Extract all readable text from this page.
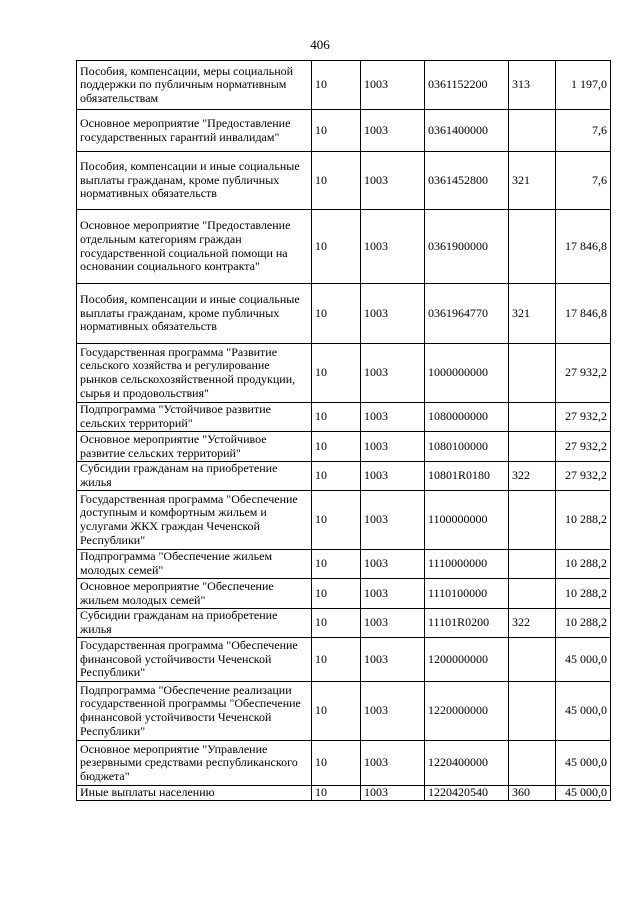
406
Пособия, компенсации, меры социальной поддержки по публичным нормативным обязательствам	10	1003	0361152200	313	1 197,0
Основное мероприятие "Предоставление государственных гарантий инвалидам"	10	1003	0361400000		7,6
Пособия, компенсации и иные социальные выплаты гражданам, кроме публичных нормативных обязательств	10	1003	0361452800	321	7,6
Основное мероприятие "Предоставление отдельным категориям граждан государственной социальной помощи на основании социального контракта"	10	1003	0361900000		17 846,8
Пособия, компенсации и иные социальные выплаты гражданам, кроме публичных нормативных обязательств	10	1003	0361964770	321	17 846,8
Государственная программа "Развитие сельского хозяйства и регулирование рынков сельскохозяйственной продукции, сырья и продовольствия"	10	1003	1000000000		27 932,2
Подпрограмма "Устойчивое развитие сельских территорий"	10	1003	1080000000		27 932,2
Основное мероприятие "Устойчивое развитие сельских территорий"	10	1003	1080100000		27 932,2
Субсидии гражданам на приобретение жилья	10	1003	10801R0180	322	27 932,2
Государственная программа "Обеспечение доступным и комфортным жильем и услугами ЖКХ граждан Чеченской Республики"	10	1003	1100000000		10 288,2
Подпрограмма "Обеспечение жильем молодых семей"	10	1003	1110000000		10 288,2
Основное мероприятие "Обеспечение жильем молодых семей"	10	1003	1110100000		10 288,2
Субсидии гражданам на приобретение жилья	10	1003	11101R0200	322	10 288,2
Государственная программа "Обеспечение финансовой устойчивости Чеченской Республики"	10	1003	1200000000		45 000,0
Подпрограмма "Обеспечение реализации государственной программы "Обеспечение финансовой устойчивости Чеченской Республики"	10	1003	1220000000		45 000,0
Основное мероприятие "Управление резервными средствами республиканского бюджета"	10	1003	1220400000		45 000,0
Иные выплаты населению	10	1003	1220420540	360	45 000,0
